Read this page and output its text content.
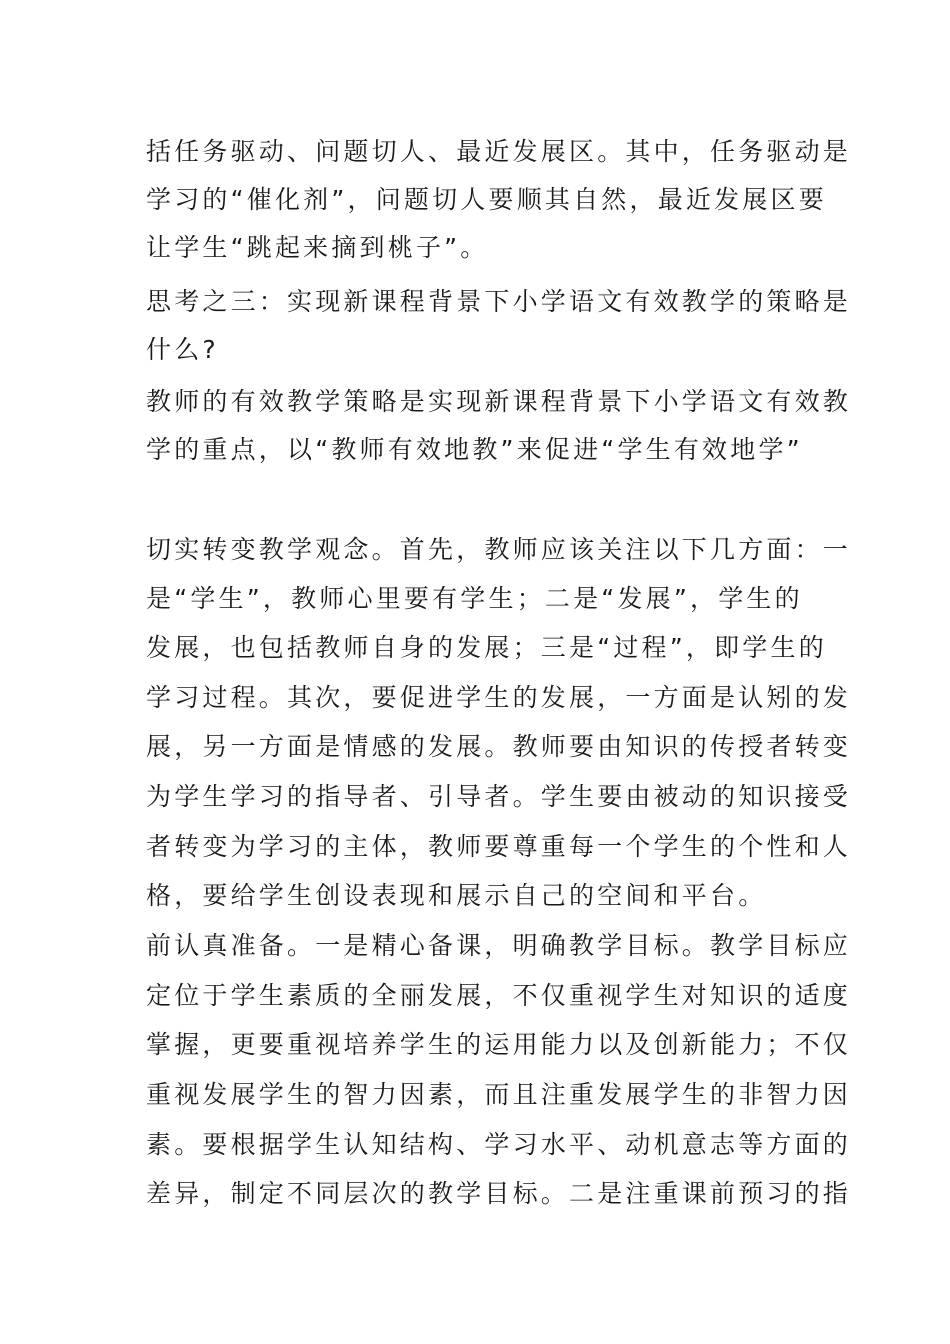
括任务驱动、问题切人、最近发展区。其中，任务驱动是
学习的“催化剂”，问题切人要顺其自然，最近发展区要
让学生“跳起来摘到桃子”。
思考之三：实现新课程背景下小学语文有效教学的策略是
什么?
教师的有效教学策略是实现新课程背景下小学语文有效教
学的重点，以“教师有效地教”来促进“学生有效地学”
切实转变教学观念。首先，教师应该关注以下几方面：一
是“学生”，教师心里要有学生；二是“发展”，学生的
发展，也包括教师自身的发展；三是“过程”，即学生的
学习过程。其次，要促进学生的发展，一方面是认矧的发
展，另一方面是情感的发展。教师要由知识的传授者转变
为学生学习的指导者、引导者。学生要由被动的知识接受
者转变为学习的主体，教师要尊重每一个学生的个性和人
格，要给学生创设表现和展示自己的空间和平台。
前认真准备。一是精心备课，明确教学目标。教学目标应
定位于学生素质的全丽发展，不仅重视学生对知识的适度
掌握，更要重视培养学生的运用能力以及创新能力；不仅
重视发展学生的智力因素，而且注重发展学生的非智力因
素。要根据学生认知结构、学习水平、动机意志等方面的
差异，制定不同层次的教学目标。二是注重课前预习的指
